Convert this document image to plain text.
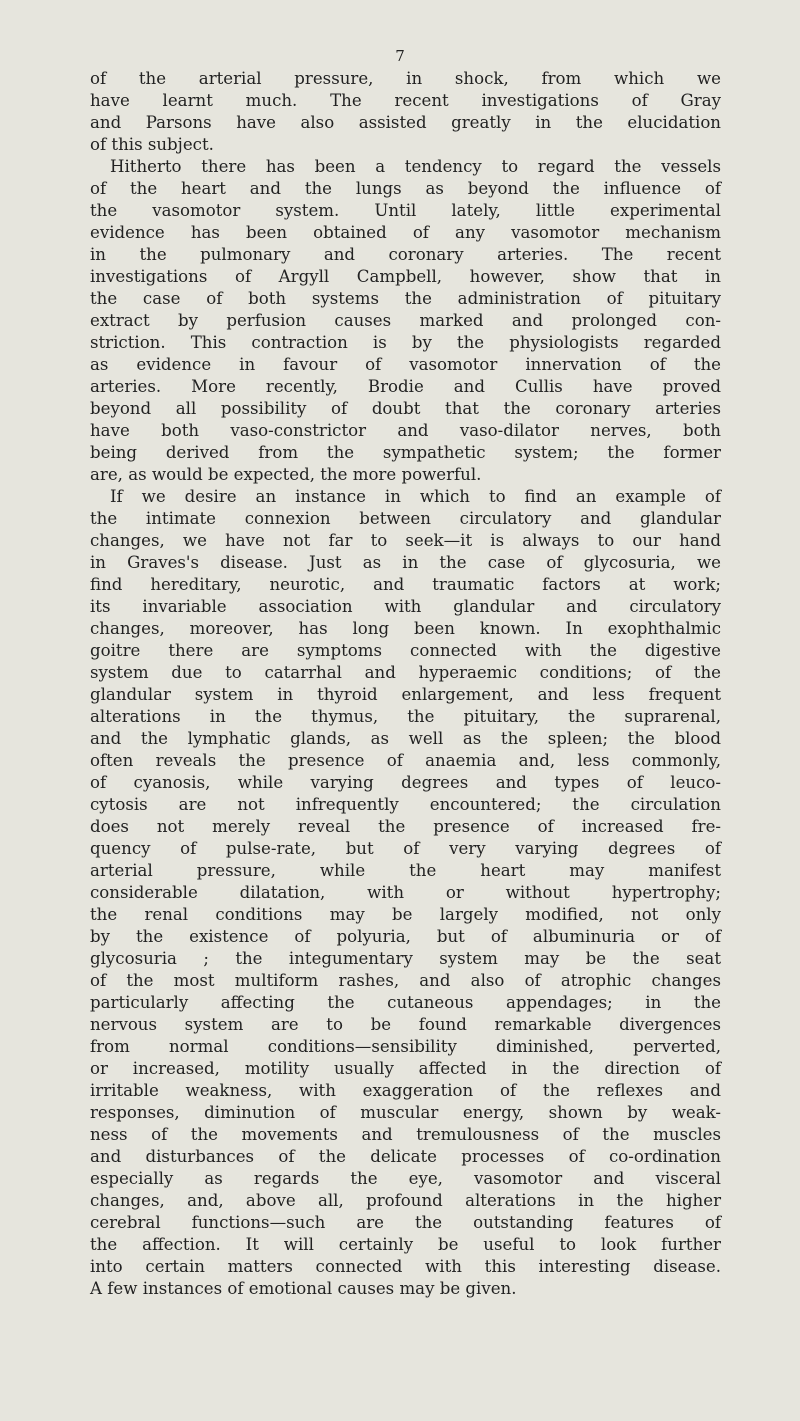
7
of the arterial pressure, in shock, from which we
have learnt much. The recent investigations of Gray
and Parsons have also assisted greatly in the elucidation
of this subject.
Hitherto there has been a tendency to regard the vessels
of the heart and the lungs as beyond the influence of
the vasomotor system. Until lately, little experimental
evidence has been obtained of any vasomotor mechanism
in the pulmonary and coronary arteries. The recent
investigations of Argyll Campbell, however, show that in
the case of both systems the administration of pituitary
extract by perfusion causes marked and prolonged con-
striction. This contraction is by the physiologists regarded
as evidence in favour of vasomotor innervation of the
arteries. More recently, Brodie and Cullis have proved
beyond all possibility of doubt that the coronary arteries
have both vaso-constrictor and vaso-dilator nerves, both
being derived from the sympathetic system; the former
are, as would be expected, the more powerful.
If we desire an instance in which to find an example of
the intimate connexion between circulatory and glandular
changes, we have not far to seek—it is always to our hand
in Graves's disease. Just as in the case of glycosuria, we
find hereditary, neurotic, and traumatic factors at work;
its invariable association with glandular and circulatory
changes, moreover, has long been known. In exophthalmic
goitre there are symptoms connected with the digestive
system due to catarrhal and hyperaemic conditions; of the
glandular system in thyroid enlargement, and less frequent
alterations in the thymus, the pituitary, the suprarenal,
and the lymphatic glands, as well as the spleen; the blood
often reveals the presence of anaemia and, less commonly,
of cyanosis, while varying degrees and types of leuco-
cytosis are not infrequently encountered; the circulation
does not merely reveal the presence of increased fre-
quency of pulse-rate, but of very varying degrees of
arterial pressure, while the heart may manifest
considerable dilatation, with or without hypertrophy;
the renal conditions may be largely modified, not only
by the existence of polyuria, but of albuminuria or of
glycosuria ; the integumentary system may be the seat
of the most multiform rashes, and also of atrophic changes
particularly affecting the cutaneous appendages; in the
nervous system are to be found remarkable divergences
from normal conditions—sensibility diminished, perverted,
or increased, motility usually affected in the direction of
irritable weakness, with exaggeration of the reflexes and
responses, diminution of muscular energy, shown by weak-
ness of the movements and tremulousness of the muscles
and disturbances of the delicate processes of co-ordination
especially as regards the eye, vasomotor and visceral
changes, and, above all, profound alterations in the higher
cerebral functions—such are the outstanding features of
the affection. It will certainly be useful to look further
into certain matters connected with this interesting disease.
A few instances of emotional causes may be given.
